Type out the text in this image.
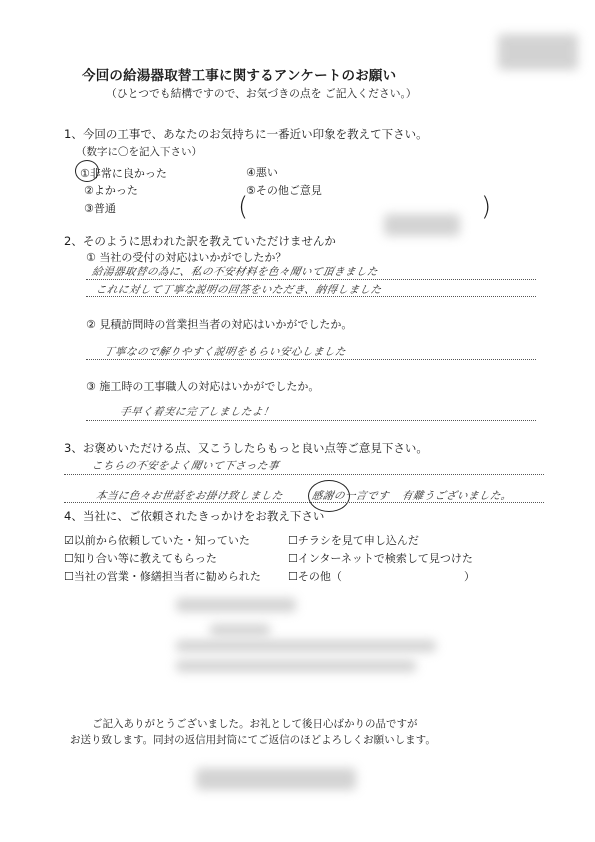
今回の給湯器取替工事に関するアンケートのお願い
（ひとつでも結構ですので、お気づきの点を ご記入ください。）
1、今回の工事で、あなたのお気持ちに一番近い印象を教えて下さい。
（数字に〇を記入下さい）
①非常に良かった
②よかった
③普通
④悪い
⑤その他ご意見
(	)
2、そのように思われた訳を教えていただけませんか
① 当社の受付の対応はいかがでしたか？
給湯器取替の為に、私の不安材料を色々聞いて頂きました
これに対して丁寧な説明の回答をいただき、納得しました
② 見積訪問時の営業担当者の対応はいかがでしたか。
丁寧なので解りやすく説明をもらい安心しました
③ 施工時の工事職人の対応はいかがでしたか。
手早く着実に完了しましたよ！
3、お褒めいただける点、又こうしたらもっと良い点等ご意見下さい。
こちらの不安をよく聞いて下さった事
本当に色々お世話をお掛け致しました	感謝の一言です 有難うございました。
4、当社に、ご依頼されたきっかけをお教え下さい
☑以前から依頼していた・知っていた
☐知り合い等に教えてもらった
☐当社の営業・修繕担当者に勧められた
☐チラシを見て申し込んだ
☐インターネットで検索して見つけた
☐その他（	）
ご記入ありがとうございました。お礼として後日心ばかりの品ですが
お送り致します。同封の返信用封筒にてご返信のほどよろしくお願いします。
